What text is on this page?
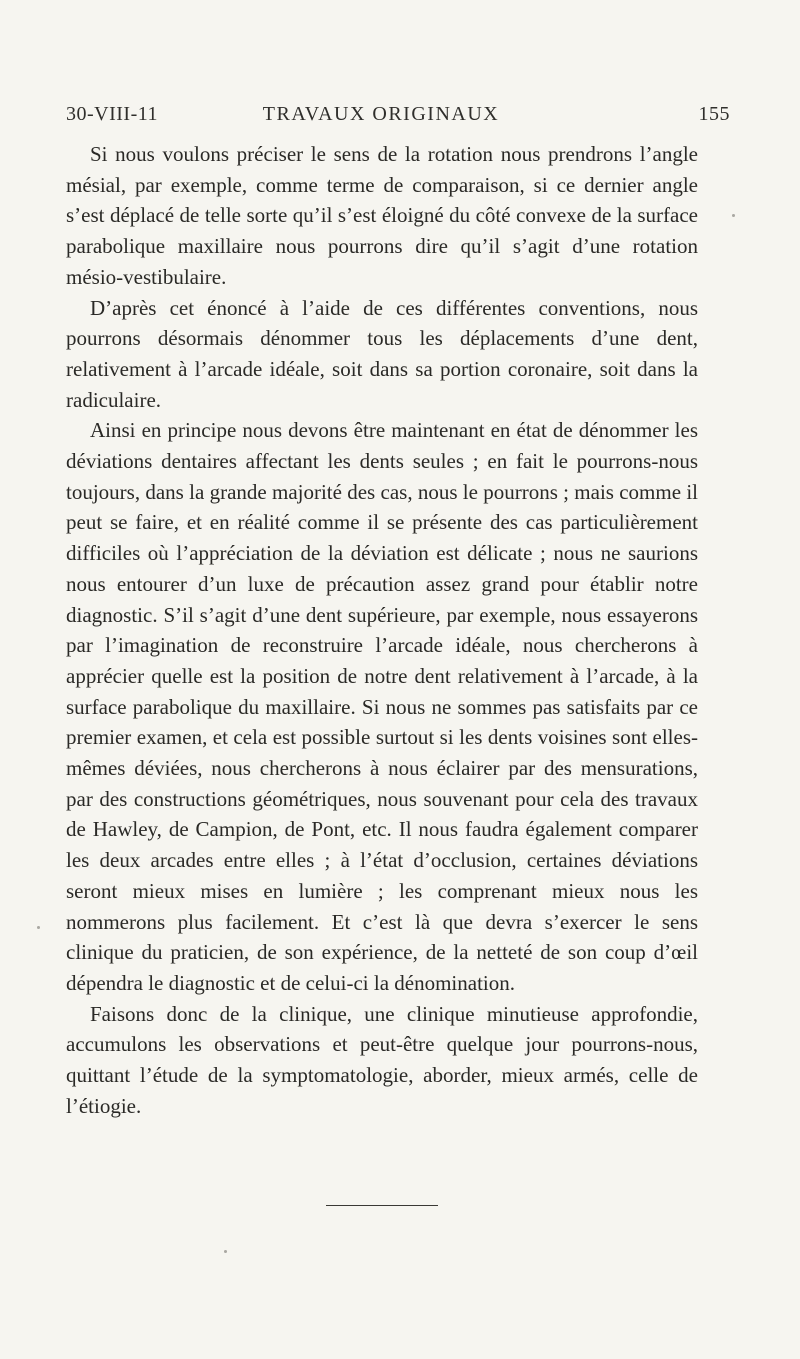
30-VIII-11	TRAVAUX ORIGINAUX	155

Si nous voulons préciser le sens de la rotation nous prendrons l’angle mésial, par exemple, comme terme de comparaison, si ce dernier angle s’est déplacé de telle sorte qu’il s’est éloigné du côté convexe de la surface parabolique maxillaire nous pourrons dire qu’il s’agit d’une rotation mésio-vestibulaire.

D’après cet énoncé à l’aide de ces différentes conventions, nous pourrons désormais dénommer tous les déplacements d’une dent, relativement à l’arcade idéale, soit dans sa portion coronaire, soit dans la radiculaire.

Ainsi en principe nous devons être maintenant en état de dénommer les déviations dentaires affectant les dents seules ; en fait le pourrons-nous toujours, dans la grande majorité des cas, nous le pourrons ; mais comme il peut se faire, et en réalité comme il se présente des cas particulièrement difficiles où l’appréciation de la déviation est délicate ; nous ne saurions nous entourer d’un luxe de précaution assez grand pour établir notre diagnostic. S’il s’agit d’une dent supérieure, par exemple, nous essayerons par l’imagination de reconstruire l’arcade idéale, nous chercherons à apprécier quelle est la position de notre dent relativement à l’arcade, à la surface parabolique du maxillaire. Si nous ne sommes pas satisfaits par ce premier examen, et cela est possible surtout si les dents voisines sont elles-mêmes déviées, nous chercherons à nous éclairer par des mensurations, par des constructions géométriques, nous souvenant pour cela des travaux de Hawley, de Campion, de Pont, etc. Il nous faudra également comparer les deux arcades entre elles ; à l’état d’occlusion, certaines déviations seront mieux mises en lumière ; les comprenant mieux nous les nommerons plus facilement. Et c’est là que devra s’exercer le sens clinique du praticien, de son expérience, de la netteté de son coup d’œil dépendra le diagnostic et de celui-ci la dénomination.

Faisons donc de la clinique, une clinique minutieuse approfondie, accumulons les observations et peut-être quelque jour pourrons-nous, quittant l’étude de la symptomatologie, aborder, mieux armés, celle de l’étiogie.
